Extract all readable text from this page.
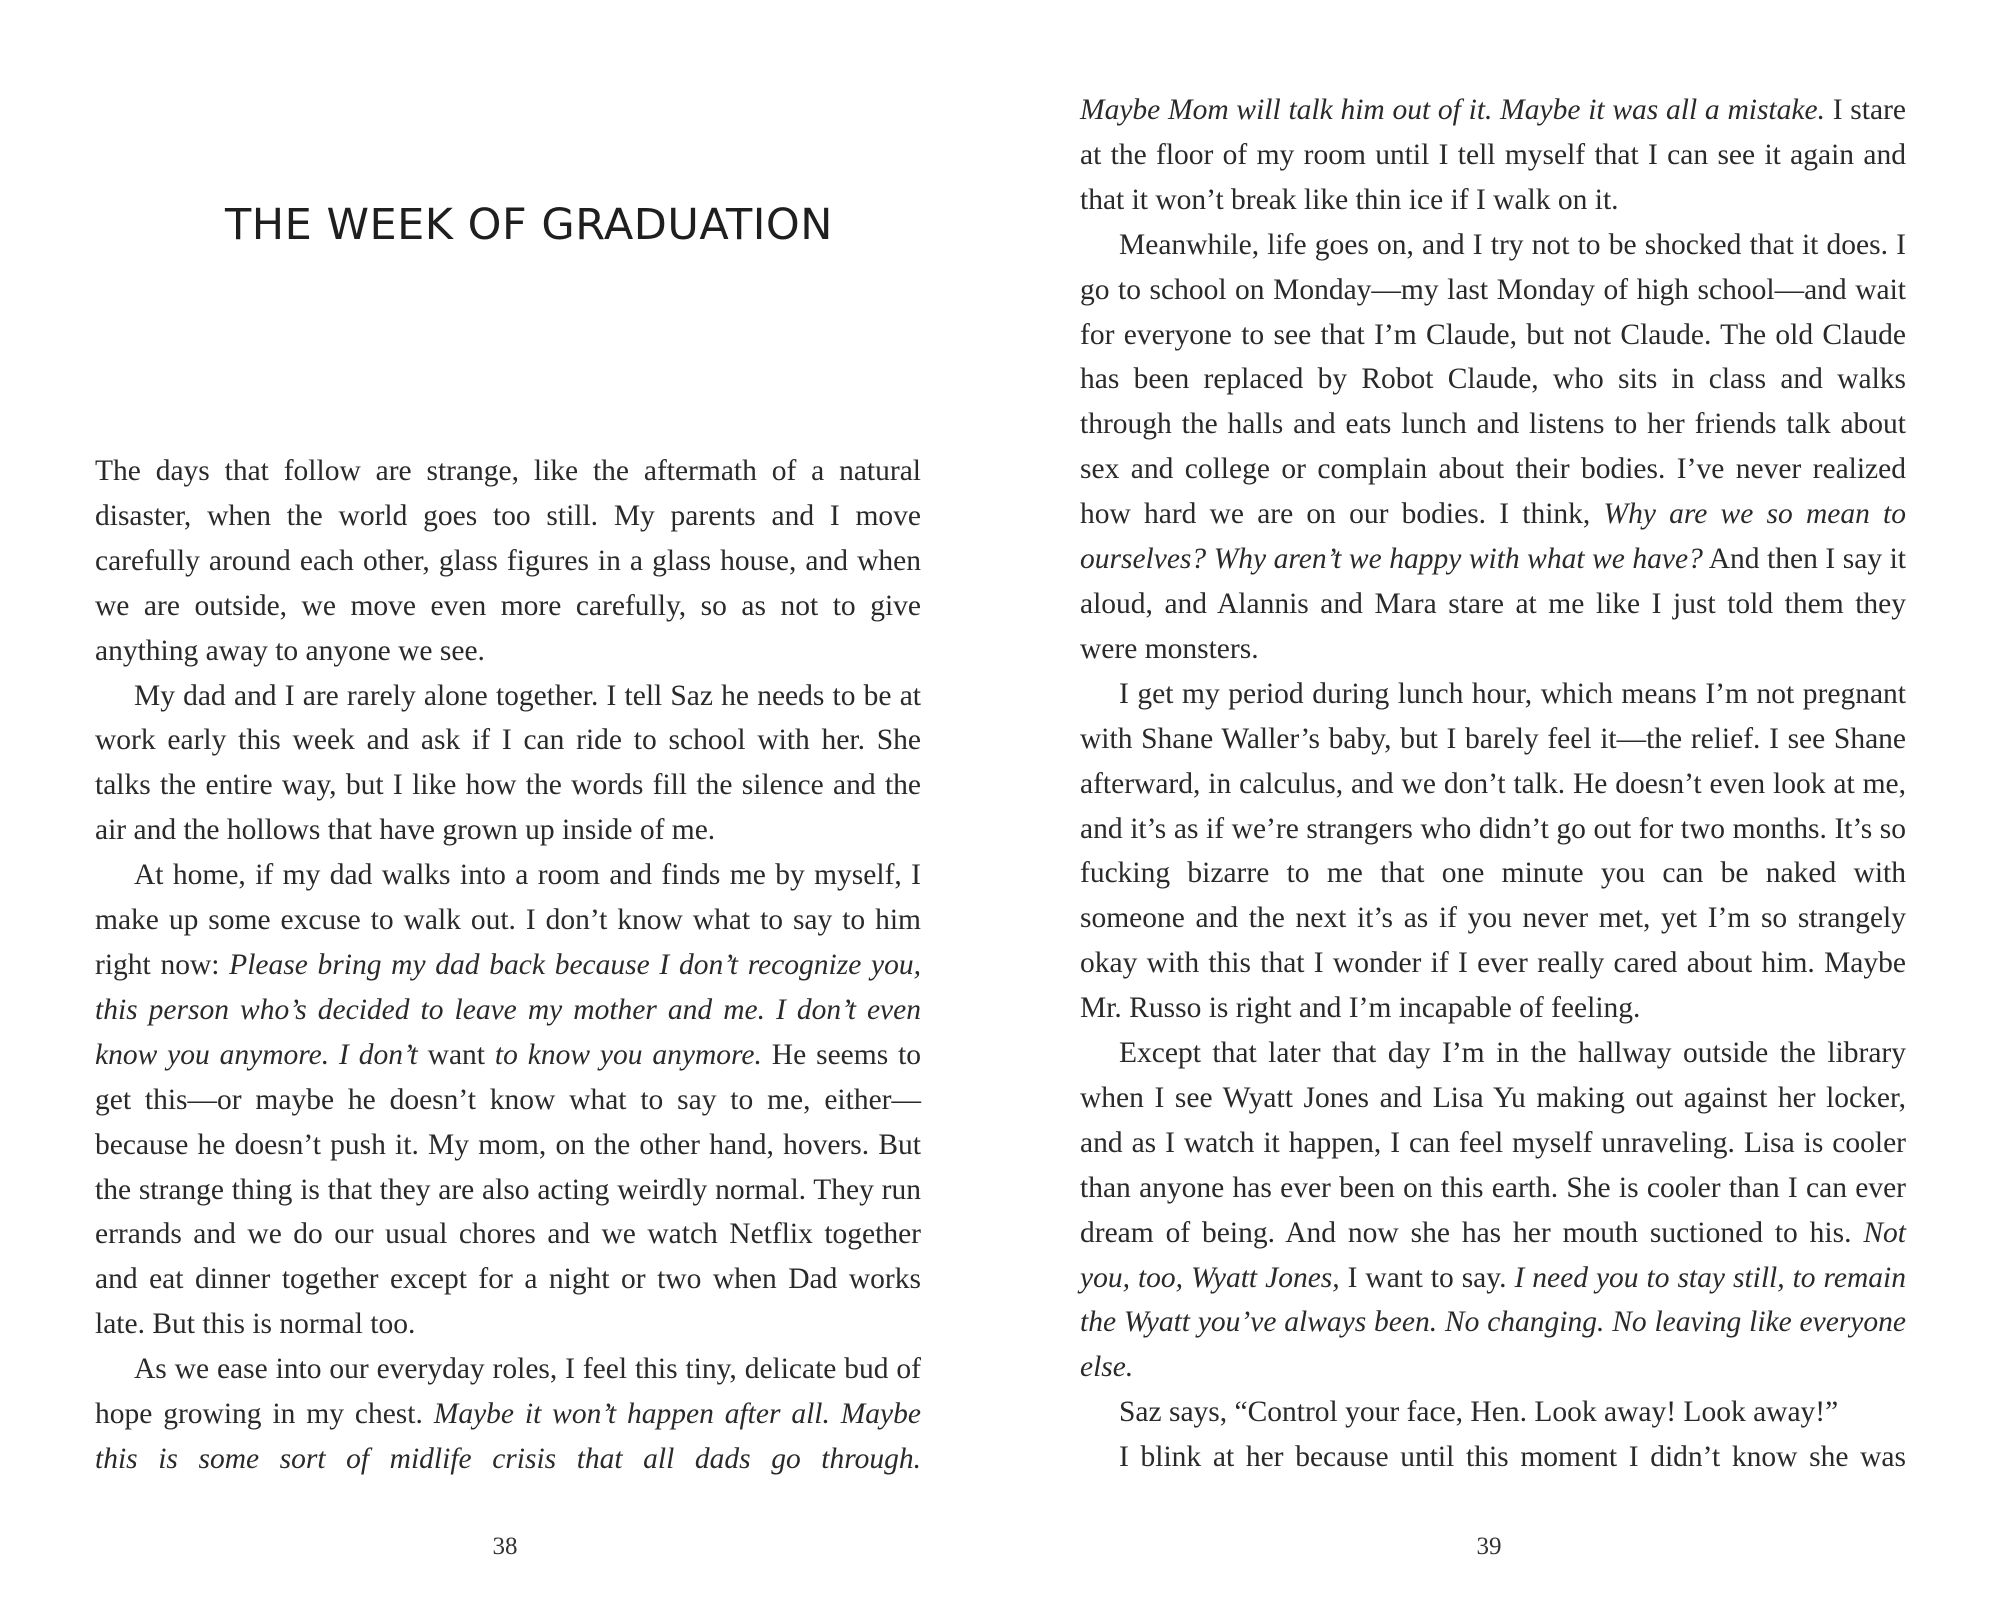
THE WEEK OF GRADUATION

The days that follow are strange, like the aftermath of a natural disaster, when the world goes too still. My parents and I move carefully around each other, glass figures in a glass house, and when we are outside, we move even more carefully, so as not to give anything away to anyone we see.

My dad and I are rarely alone together. I tell Saz he needs to be at work early this week and ask if I can ride to school with her. She talks the entire way, but I like how the words fill the silence and the air and the hollows that have grown up inside of me.

At home, if my dad walks into a room and finds me by myself, I make up some excuse to walk out. I don’t know what to say to him right now: Please bring my dad back because I don’t recognize you, this person who’s decided to leave my mother and me. I don’t even know you anymore. I don’t want to know you anymore. He seems to get this—or maybe he doesn’t know what to say to me, either—because he doesn’t push it. My mom, on the other hand, hovers. But the strange thing is that they are also acting weirdly normal. They run errands and we do our usual chores and we watch Netflix together and eat dinner together except for a night or two when Dad works late. But this is normal too.

As we ease into our everyday roles, I feel this tiny, delicate bud of hope growing in my chest. Maybe it won’t happen after all. Maybe this is some sort of midlife crisis that all dads go through.

38

Maybe Mom will talk him out of it. Maybe it was all a mistake. I stare at the floor of my room until I tell myself that I can see it again and that it won’t break like thin ice if I walk on it.

Meanwhile, life goes on, and I try not to be shocked that it does. I go to school on Monday—my last Monday of high school—and wait for everyone to see that I’m Claude, but not Claude. The old Claude has been replaced by Robot Claude, who sits in class and walks through the halls and eats lunch and listens to her friends talk about sex and college or complain about their bodies. I’ve never realized how hard we are on our bodies. I think, Why are we so mean to ourselves? Why aren’t we happy with what we have? And then I say it aloud, and Alannis and Mara stare at me like I just told them they were monsters.

I get my period during lunch hour, which means I’m not pregnant with Shane Waller’s baby, but I barely feel it—the relief. I see Shane afterward, in calculus, and we don’t talk. He doesn’t even look at me, and it’s as if we’re strangers who didn’t go out for two months. It’s so fucking bizarre to me that one minute you can be naked with someone and the next it’s as if you never met, yet I’m so strangely okay with this that I wonder if I ever really cared about him. Maybe Mr. Russo is right and I’m incapable of feeling.

Except that later that day I’m in the hallway outside the library when I see Wyatt Jones and Lisa Yu making out against her locker, and as I watch it happen, I can feel myself unraveling. Lisa is cooler than anyone has ever been on this earth. She is cooler than I can ever dream of being. And now she has her mouth suctioned to his. Not you, too, Wyatt Jones, I want to say. I need you to stay still, to remain the Wyatt you’ve always been. No changing. No leaving like everyone else.

Saz says, “Control your face, Hen. Look away! Look away!”

I blink at her because until this moment I didn’t know she was

39
